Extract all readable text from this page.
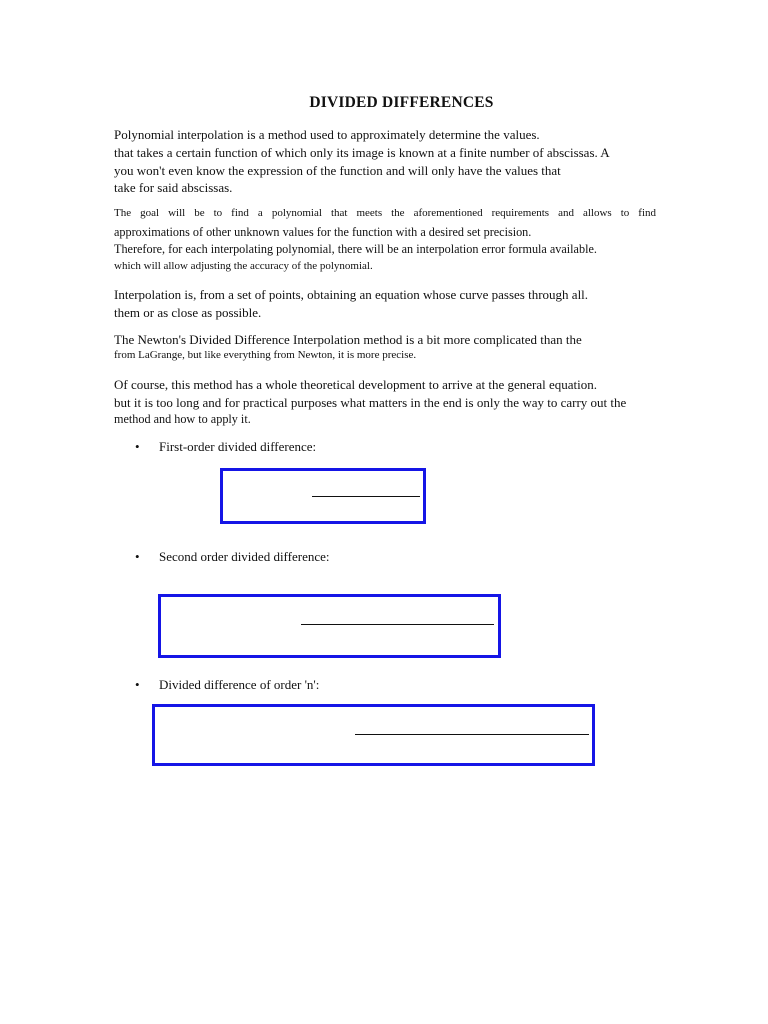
DIVIDED DIFFERENCES
Polynomial interpolation is a method used to approximately determine the values.
that takes a certain function of which only its image is known at a finite number of abscissas. A
you won't even know the expression of the function and will only have the values that
take for said abscissas.
The goal will be to find a polynomial that meets the aforementioned requirements and allows to find
approximations of other unknown values for the function with a desired set precision.
Therefore, for each interpolating polynomial, there will be an interpolation error formula available.
which will allow adjusting the accuracy of the polynomial.
Interpolation is, from a set of points, obtaining an equation whose curve passes through all.
them or as close as possible.
The Newton's Divided Difference Interpolation method is a bit more complicated than the
from LaGrange, but like everything from Newton, it is more precise.
Of course, this method has a whole theoretical development to arrive at the general equation.
but it is too long and for practical purposes what matters in the end is only the way to carry out the
method and how to apply it.
• First-order divided difference:
• Second order divided difference:
• Divided difference of order 'n':
